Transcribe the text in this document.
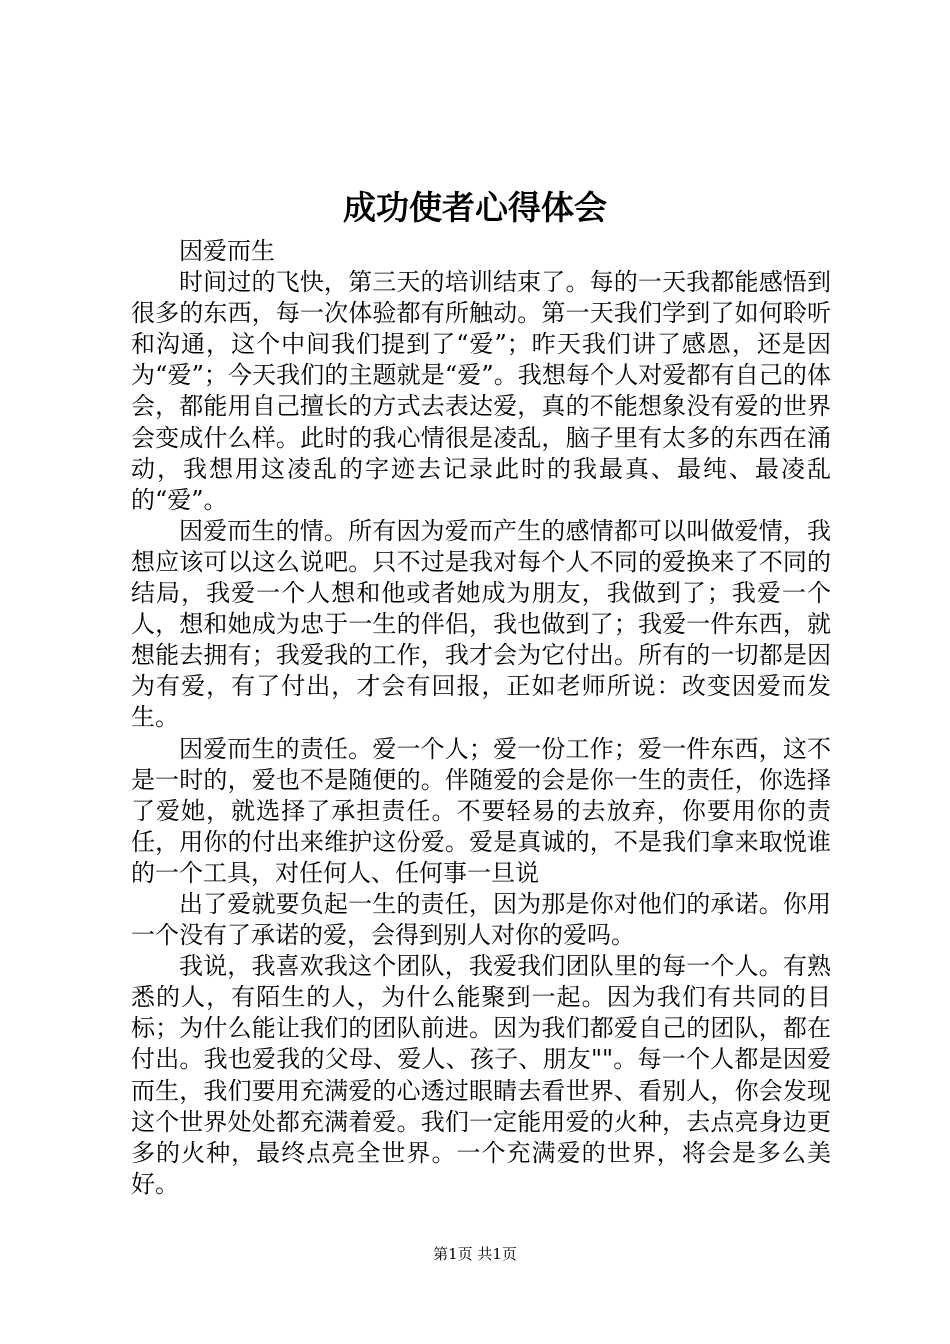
成功使者心得体会

因爱而生

时间过的飞快，第三天的培训结束了。每的一天我都能感悟到很多的东西，每一次体验都有所触动。第一天我们学到了如何聆听和沟通，这个中间我们提到了“爱”；昨天我们讲了感恩，还是因为“爱”；今天我们的主题就是“爱”。我想每个人对爱都有自己的体会，都能用自己擅长的方式去表达爱，真的不能想象没有爱的世界会变成什么样。此时的我心情很是凌乱，脑子里有太多的东西在涌动，我想用这凌乱的字迹去记录此时的我最真、最纯、最凌乱的“爱”。

因爱而生的情。所有因为爱而产生的感情都可以叫做爱情，我想应该可以这么说吧。只不过是我对每个人不同的爱换来了不同的结局，我爱一个人想和他或者她成为朋友，我做到了；我爱一个人，想和她成为忠于一生的伴侣，我也做到了；我爱一件东西，就想能去拥有；我爱我的工作，我才会为它付出。所有的一切都是因为有爱，有了付出，才会有回报，正如老师所说：改变因爱而发生。

因爱而生的责任。爱一个人；爱一份工作；爱一件东西，这不是一时的，爱也不是随便的。伴随爱的会是你一生的责任，你选择了爱她，就选择了承担责任。不要轻易的去放弃，你要用你的责任，用你的付出来维护这份爱。爱是真诚的，不是我们拿来取悦谁的一个工具，对任何人、任何事一旦说

出了爱就要负起一生的责任，因为那是你对他们的承诺。你用一个没有了承诺的爱，会得到别人对你的爱吗。

我说，我喜欢我这个团队，我爱我们团队里的每一个人。有熟悉的人，有陌生的人，为什么能聚到一起。因为我们有共同的目标；为什么能让我们的团队前进。因为我们都爱自己的团队，都在付出。我也爱我的父母、爱人、孩子、朋友""。每一个人都是因爱而生，我们要用充满爱的心透过眼睛去看世界、看别人，你会发现这个世界处处都充满着爱。我们一定能用爱的火种，去点亮身边更多的火种，最终点亮全世界。一个充满爱的世界，将会是多么美好。

第1页 共1页
